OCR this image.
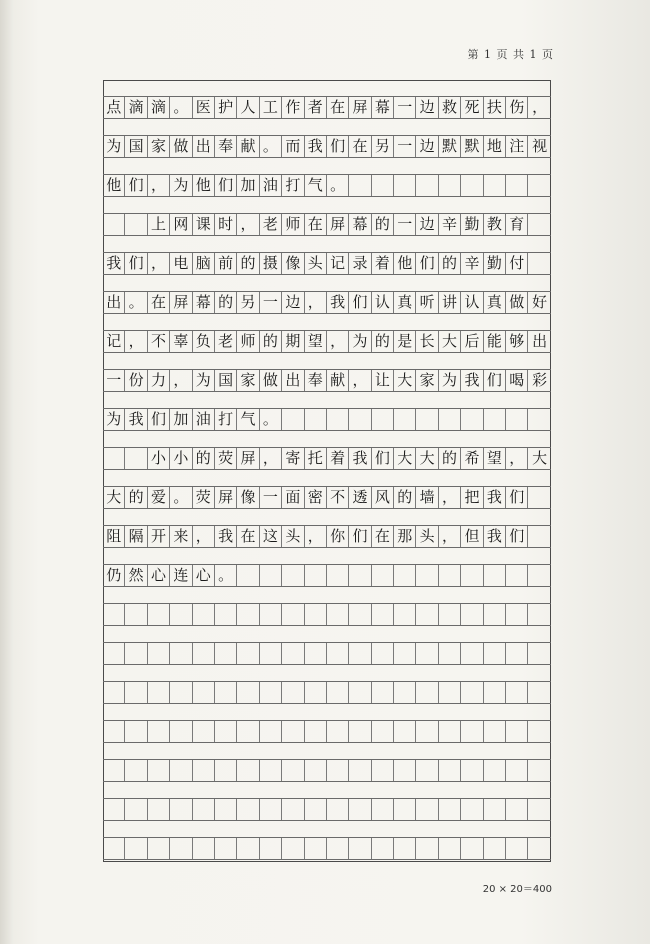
第 1 页 共 1 页
点 滴 滴 。 医 护 人 工 作 者 在 屏 幕 一 边 救 死 扶 伤 ，
为 国 家 做 出 奉 献 。 而 我 们 在 另 一 边 默 默 地 注 视
他 们 ， 为 他 们 加 油 打 气 。
上 网 课 时 ， 老 师 在 屏 幕 的 一 边 辛 勤 教 育
我 们 ， 电 脑 前 的 摄 像 头 记 录 着 他 们 的 辛 勤 付
出 。 在 屏 幕 的 另 一 边 ， 我 们 认 真 听 讲 认 真 做 好
记 ， 不 辜 负 老 师 的 期 望 ， 为 的 是 长 大 后 能 够 出
一 份 力 ， 为 国 家 做 出 奉 献 ， 让 大 家 为 我 们 喝 彩
为 我 们 加 油 打 气 。
小 小 的 荧 屏 ， 寄 托 着 我 们 大 大 的 希 望 ， 大
大 的 爱 。 荧 屏 像 一 面 密 不 透 风 的 墙 ， 把 我 们
阻 隔 开 来 ， 我 在 这 头 ， 你 们 在 那 头 ， 但 我 们
仍 然 心 连 心 。
20 × 20＝400
